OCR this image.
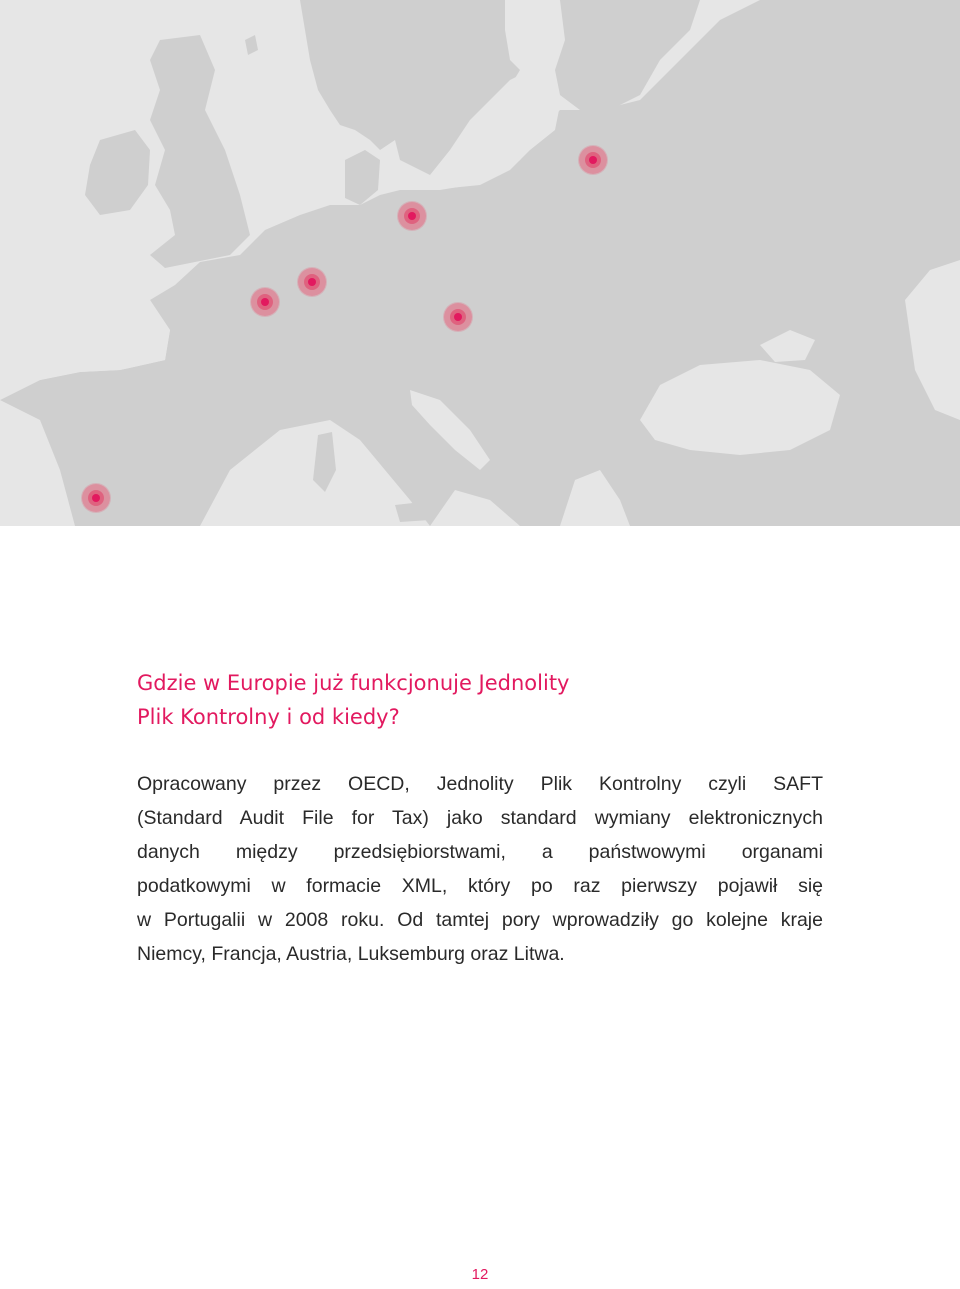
Gdzie w Europie już funkcjonuje Jednolity
Plik Kontrolny i od kiedy?
Opracowany przez OECD, Jednolity Plik Kontrolny czyli SAFT
(Standard Audit File for Tax) jako standard wymiany elektronicznych
danych między przedsiębiorstwami, a państwowymi organami
podatkowymi w formacie XML, który po raz pierwszy pojawił się
w Portugalii w 2008 roku. Od tamtej pory wprowadziły go kolejne kraje
Niemcy, Francja, Austria, Luksemburg oraz Litwa.
12
